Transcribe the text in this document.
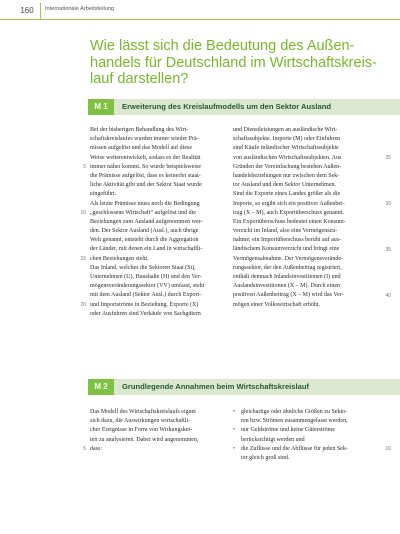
160	Internationale Arbeitsteilung
Wie lässt sich die Bedeutung des Außen-handels für Deutschland im Wirtschaftskreis-lauf darstellen?
M 1	Erweiterung des Kreislaufmodells um den Sektor Ausland
Bei der bisherigen Behandlung des Wirt-
schaftskreislaufes wurden immer wieder Prä-
missen aufgelöst und das Modell auf diese
Weise weiterentwickelt, sodass es der Realität
immer näher kommt. So wurde beispielsweise
die Prämisse aufgelöst, dass es keinerlei staat-
liche Aktivität gibt und der Sektor Staat wurde
eingeführt.
Als letzte Prämisse muss noch die Bedingung
„geschlossene Wirtschaft“ aufgelöst und die
Beziehungen zum Ausland aufgenommen wer-
den. Der Sektor Ausland (Ausl.), auch übrige
Welt genannt, entsteht durch die Aggregation
der Länder, mit denen ein Land in wirtschaftli-
chen Beziehungen steht.
Das Inland, welches die Sektoren Staat (St),
Unternehmen (U), Haushalte (H) und den Ver-
mögensveränderungssektor (VV) umfasst, steht
mit dem Ausland (Sektor Ausl.) durch Export-
und Importströme in Beziehung. Exporte (X)
oder Ausfuhren sind Verkäufe von Sachgütern
5
10
15
20
und Dienstleistungen an ausländische Wirt-
schaftssubjekte. Importe (M) oder Einfuhren
sind Käufe inländischer Wirtschaftssubjekte
von ausländischen Wirtschaftssubjekten. Aus
Gründen der Vereinfachung bestehen Außen-
handelsbeziehungen nur zwischen dem Sek-
tor Ausland und dem Sektor Unternehmen.
Sind die Exporte eines Landes größer als die
Importe, so ergibt sich ein positiver Außenbei-
trag (X – M), auch Exportüberschuss genannt.
Ein Exportüberschuss bedeutet einen Konsum-
verzicht im Inland, also eine Vermögenszu-
nahme; ein Importüberschuss beruht auf aus-
ländischem Konsumverzicht und bringt eine
Vermögensabnahme. Der Vermögensverände-
rungssektor, der den Außenbeitrag registriert,
enthält demnach Inlandsinvestitionen (I) und
Auslandsinvestitionen (X – M). Durch einen
positiven Außenbeitrag (X – M) wird das Ver-
mögen einer Volkswirtschaft erhöht.
25
30
35
40
M 2	Grundlegende Annahmen beim Wirtschaftskreislauf
Das Modell des Wirtschaftskreislaufs eignet
sich dazu, die Auswirkungen wirtschaftli-
cher Ereignisse in Form von Wirkungsket-
ten zu analysieren. Dabei wird angenommen,
dass:
5
• gleichartige oder ähnliche Größen zu Sekto-
ren bzw. Strömen zusammengefasst werden,
• nur Geldströme und keine Güterströme
berücksichtigt werden und
• die Zuflüsse und die Abflüsse für jeden Sek-
tor gleich groß sind.
10
